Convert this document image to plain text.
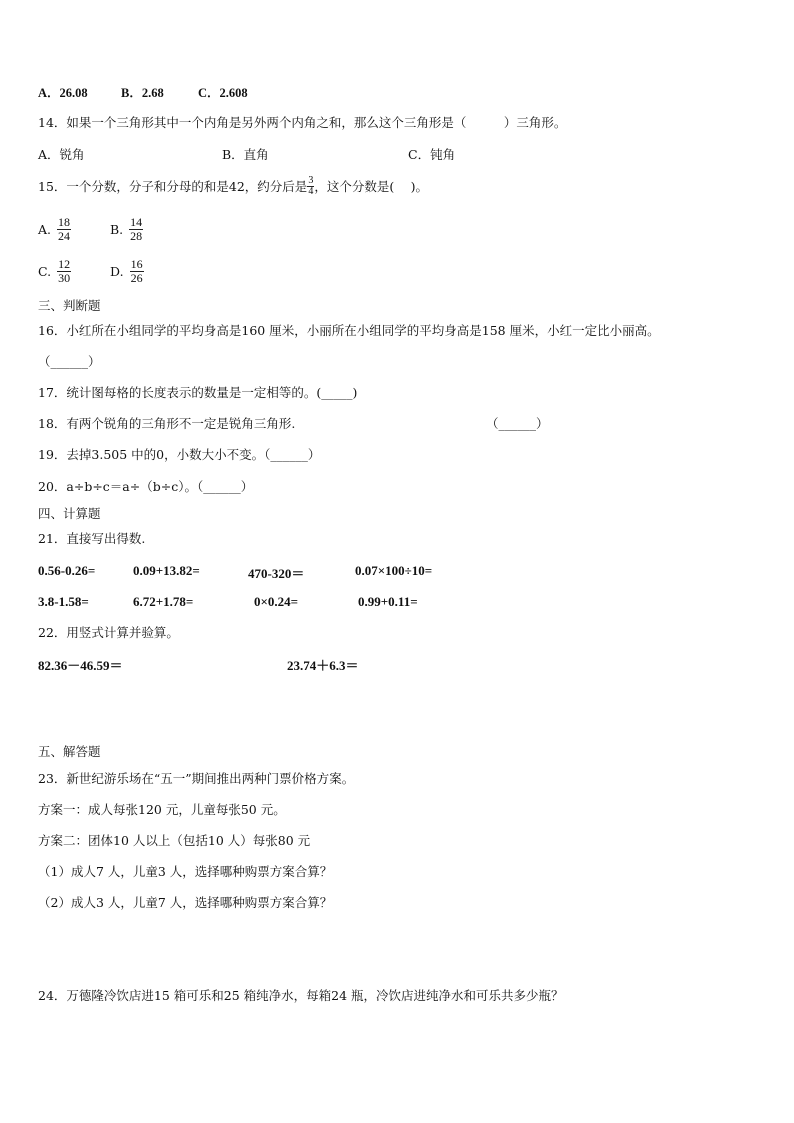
A．26.08	B．2.68	C．2.608
14．如果一个三角形其中一个内角是另外两个内角之和，那么这个三角形是（　　　）三角形。
A．锐角	B．直角	C．钝角
15．一个分数，分子和分母的和是42，约分后是 $\frac{3}{4}$ ，这个分数是(　 )。
A. $\frac{18}{24}$	B. $\frac{14}{28}$
C. $\frac{12}{30}$	D. $\frac{16}{26}$
三、判断题
16．小红所在小组同学的平均身高是160 厘米，小丽所在小组同学的平均身高是158 厘米，小红一定比小丽高。
（______）
17．统计图每格的长度表示的数量是一定相等的。(_____)
18．有两个锐角的三角形不一定是锐角三角形.	（______）
19．去掉3.505 中的0，小数大小不变。（______）
20．a÷b÷c＝a÷（b÷c）。（______）
四、计算题
21．直接写出得数.
0.56-0.26=	0.09+13.82=	470-320＝	0.07×100÷10=
3.8-1.58=	6.72+1.78=	0×0.24=	0.99+0.11=
22．用竖式计算并验算。
82.36－46.59＝	23.74＋6.3＝
五、解答题
23．新世纪游乐场在“五一”期间推出两种门票价格方案。
方案一：成人每张120 元，儿童每张50 元。
方案二：团体10 人以上（包括10 人）每张80 元
（1）成人7 人，儿童3 人，选择哪种购票方案合算？
（2）成人3 人，儿童7 人，选择哪种购票方案合算？
24．万德隆冷饮店进15 箱可乐和25 箱纯净水，每箱24 瓶，冷饮店进纯净水和可乐共多少瓶？
